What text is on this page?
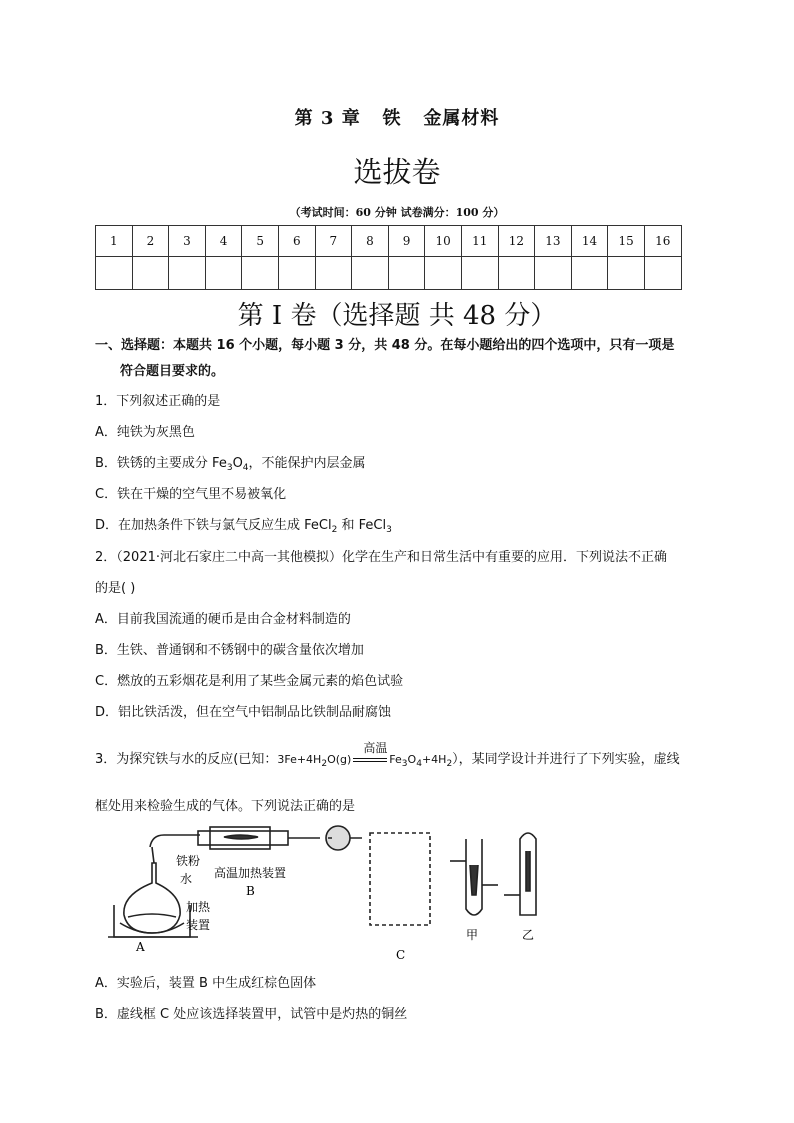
第 3 章   铁   金属材料
选拔卷
（考试时间：60 分钟 试卷满分：100 分）
1	2	3	4	5	6	7	8	9	10	11	12	13	14	15	16

第 I 卷（选择题 共 48 分）
一、选择题：本题共 16 个小题，每小题 3 分，共 48 分。在每小题给出的四个选项中，只有一项是
符合题目要求的。
1．下列叙述正确的是
A．纯铁为灰黑色
B．铁锈的主要成分 $Fe_3O_4$，不能保护内层金属
C．铁在干燥的空气里不易被氧化
D．在加热条件下铁与氯气反应生成 FeCl$_2$ 和 FeCl$_3$
2．（2021·河北石家庄二中高一其他模拟）化学在生产和日常生活中有重要的应用．下列说法不正确
的是( )
A．目前我国流通的硬币是由合金材料制造的
B．生铁、普通钢和不锈钢中的碳含量依次增加
C．燃放的五彩烟花是利用了某些金属元素的焰色试验
D．铝比铁活泼，但在空气中铝制品比铁制品耐腐蚀
3．为探究铁与水的反应(已知：$3Fe+4H_2O(g)$
高温
$Fe_3O_4+4H_2$），某同学设计并进行了下列实验，虚线
框处用来检验生成的气体。下列说法正确的是
铁粉
水 高温加热装置
B
加热
装置
A
C
甲	乙
A．实验后，装置 B 中生成红棕色固体
B．虚线框 C 处应该选择装置甲，试管中是灼热的铜丝
